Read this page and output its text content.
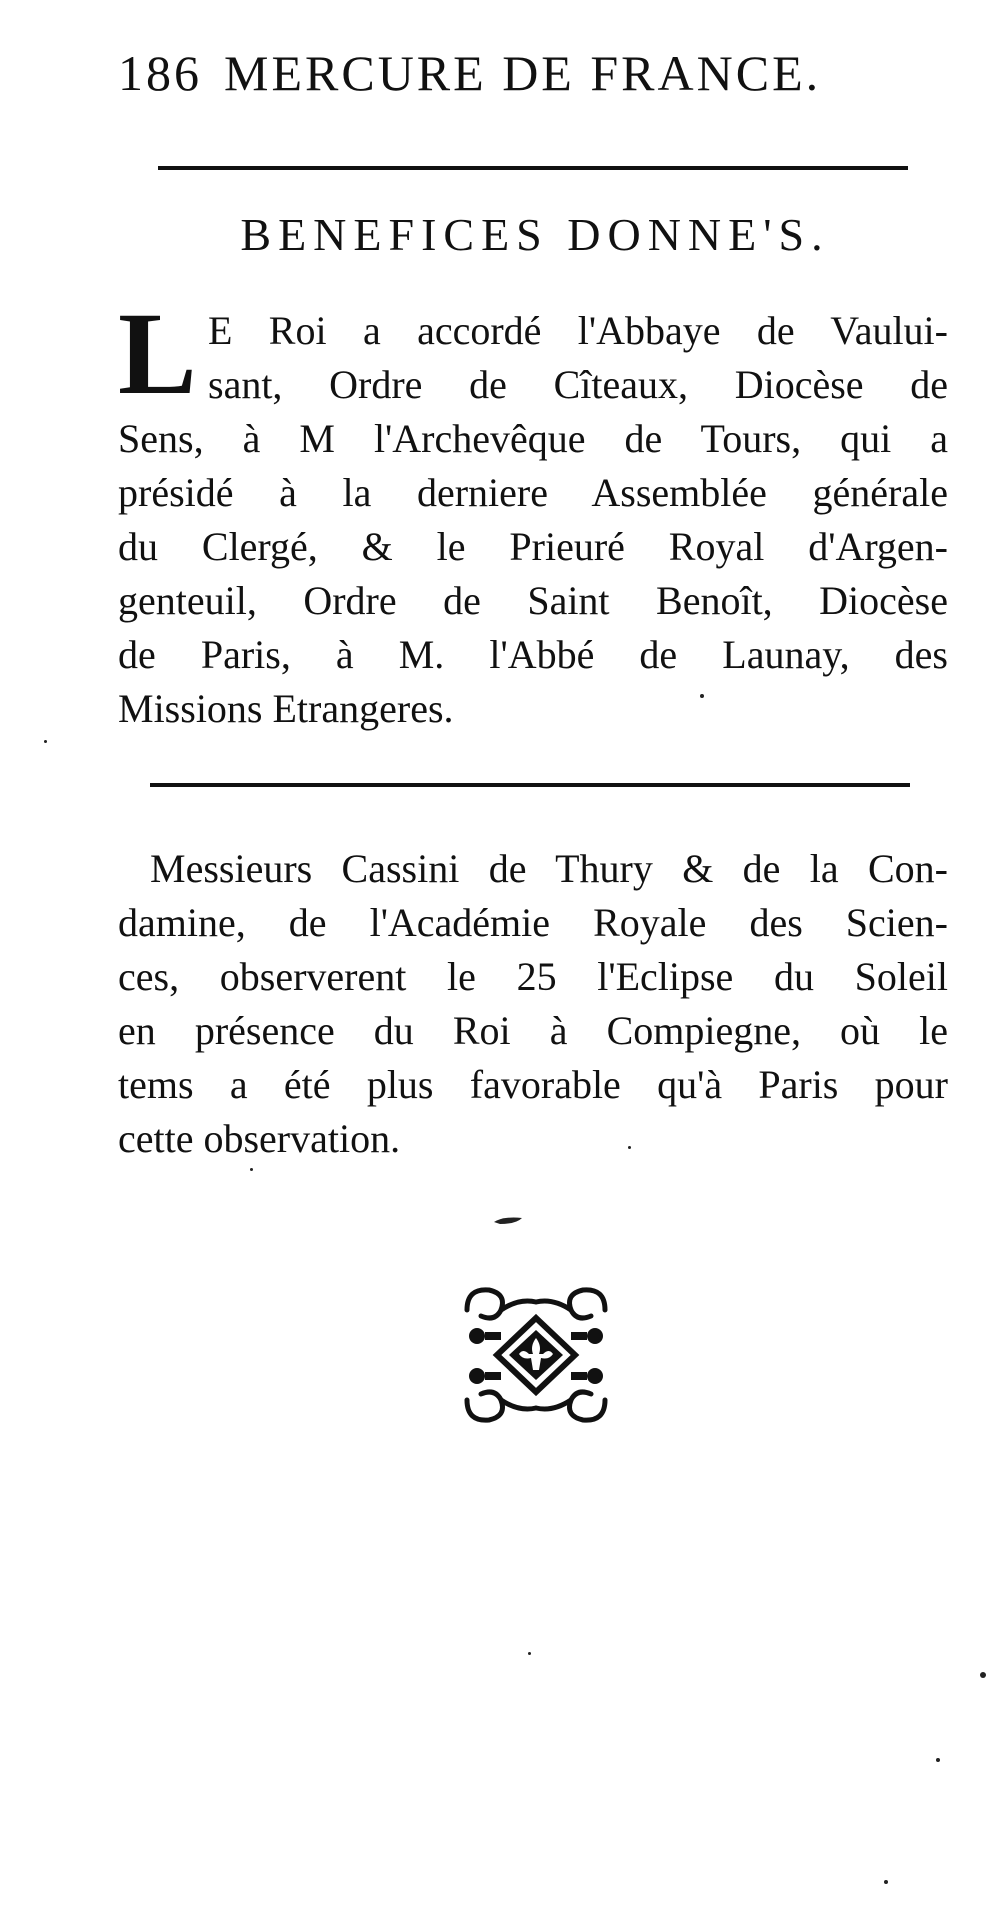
186 MERCURE DE FRANCE.
BENEFICES DONNE'S.
L E Roi a accordé l'Abbaye de Vaului-
sant, Ordre de Cîteaux, Diocèse de
Sens, à M l'Archevêque de Tours, qui a
présidé à la derniere Assemblée générale
du Clergé, & le Prieuré Royal d'Argen-
genteuil, Ordre de Saint Benoît, Diocèse
de Paris, à M. l'Abbé de Launay, des
Missions Etrangeres.
Messieurs Cassini de Thury & de la Con-
damine, de l'Académie Royale des Scien-
ces, observerent le 25 l'Eclipse du Soleil
en présence du Roi à Compiegne, où le
tems a été plus favorable qu'à Paris pour
cette observation.
